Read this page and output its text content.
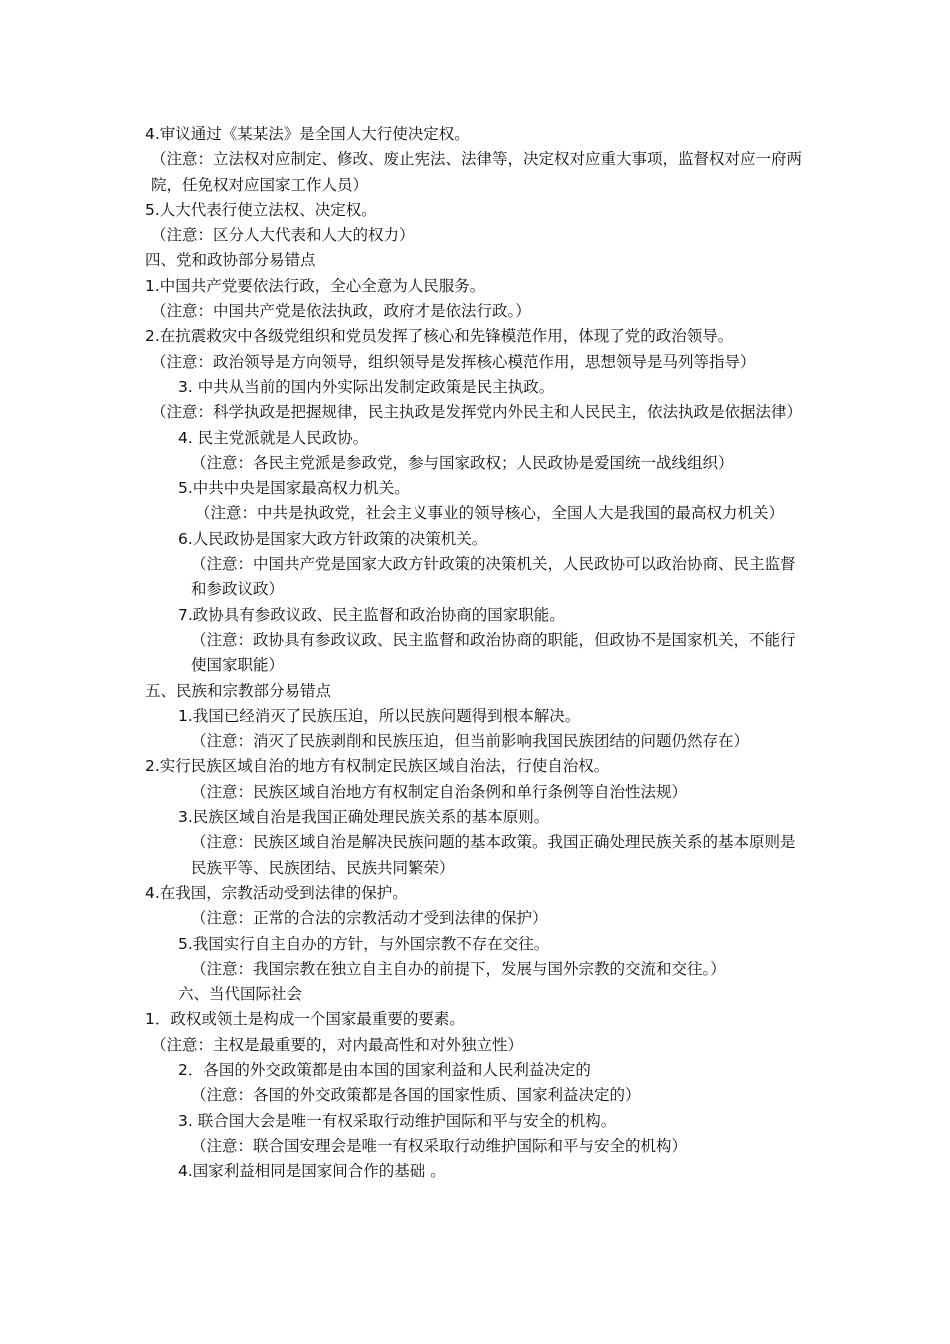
4.审议通过《某某法》是全国人大行使决定权。

（注意：立法权对应制定、修改、废止宪法、法律等，决定权对应重大事项，监督权对应一府两院，任免权对应国家工作人员）

5.人大代表行使立法权、决定权。

（注意：区分人大代表和人大的权力）

四、党和政协部分易错点

1.中国共产党要依法行政，全心全意为人民服务。

（注意：中国共产党是依法执政，政府才是依法行政。）

2.在抗震救灾中各级党组织和党员发挥了核心和先锋模范作用，体现了党的政治领导。

（注意：政治领导是方向领导，组织领导是发挥核心模范作用，思想领导是马列等指导）

3. 中共从当前的国内外实际出发制定政策是民主执政。

（注意：科学执政是把握规律，民主执政是发挥党内外民主和人民民主，依法执政是依据法律）

4. 民主党派就是人民政协。

（注意：各民主党派是参政党，参与国家政权；人民政协是爱国统一战线组织）

5.中共中央是国家最高权力机关。

（注意：中共是执政党，社会主义事业的领导核心，全国人大是我国的最高权力机关）

6.人民政协是国家大政方针政策的决策机关。

（注意：中国共产党是国家大政方针政策的决策机关，人民政协可以政治协商、民主监督和参政议政）

7.政协具有参政议政、民主监督和政治协商的国家职能。

（注意：政协具有参政议政、民主监督和政治协商的职能，但政协不是国家机关，不能行使国家职能）

五、民族和宗教部分易错点

1.我国已经消灭了民族压迫，所以民族问题得到根本解决。

（注意：消灭了民族剥削和民族压迫，但当前影响我国民族团结的问题仍然存在）

2.实行民族区域自治的地方有权制定民族区域自治法，行使自治权。

（注意：民族区域自治地方有权制定自治条例和单行条例等自治性法规）

3.民族区域自治是我国正确处理民族关系的基本原则。

（注意：民族区域自治是解决民族问题的基本政策。我国正确处理民族关系的基本原则是民族平等、民族团结、民族共同繁荣）

4.在我国，宗教活动受到法律的保护。

（注意：正常的合法的宗教活动才受到法律的保护）

5.我国实行自主自办的方针，与外国宗教不存在交往。

（注意：我国宗教在独立自主自办的前提下，发展与国外宗教的交流和交往。）

六、当代国际社会

1．政权或领土是构成一个国家最重要的要素。

（注意：主权是最重要的，对内最高性和对外独立性）

2．各国的外交政策都是由本国的国家利益和人民利益决定的

（注意：各国的外交政策都是各国的国家性质、国家利益决定的）

3. 联合国大会是唯一有权采取行动维护国际和平与安全的机构。

（注意：联合国安理会是唯一有权采取行动维护国际和平与安全的机构）

4.国家利益相同是国家间合作的基础 。
